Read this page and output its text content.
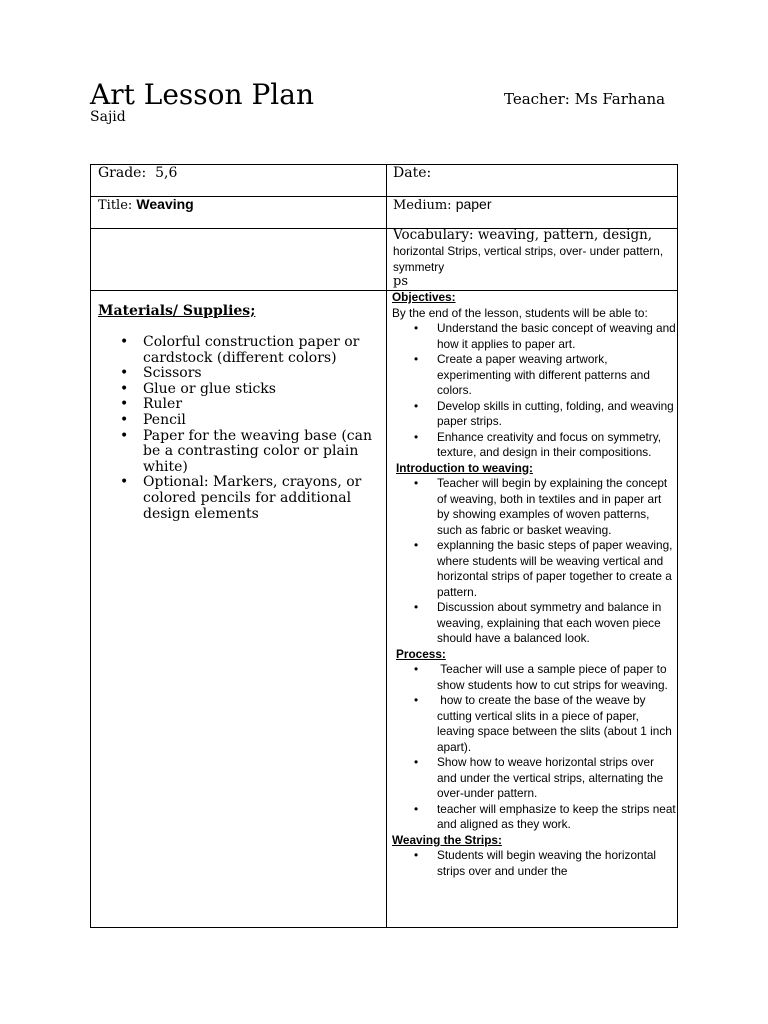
Art Lesson Plan	Teacher: Ms Farhana
Sajid
Grade:  5,6	Date:
Title: Weaving	Medium: paper
Vocabulary: weaving, pattern, design,
horizontal Strips, vertical strips, over- under pattern, symmetry
ps
Materials/ Supplies;
• Colorful construction paper or cardstock (different colors)
• Scissors
• Glue or glue sticks
• Ruler
• Pencil
• Paper for the weaving base (can be a contrasting color or plain white)
• Optional: Markers, crayons, or colored pencils for additional design elements
Objectives:
By the end of the lesson, students will be able to:
• Understand the basic concept of weaving and how it applies to paper art.
• Create a paper weaving artwork, experimenting with different patterns and colors.
• Develop skills in cutting, folding, and weaving paper strips.
• Enhance creativity and focus on symmetry, texture, and design in their compositions.
Introduction to weaving:
• Teacher will begin by explaining the concept of weaving, both in textiles and in paper art by showing examples of woven patterns, such as fabric or basket weaving.
• explanning the basic steps of paper weaving, where students will be weaving vertical and horizontal strips of paper together to create a pattern.
• Discussion about symmetry and balance in weaving, explaining that each woven piece should have a balanced look.
Process:
•  Teacher will use a sample piece of paper to show students how to cut strips for weaving.
•  how to create the base of the weave by cutting vertical slits in a piece of paper, leaving space between the slits (about 1 inch apart).
• Show how to weave horizontal strips over and under the vertical strips, alternating the over-under pattern.
• teacher will emphasize to keep the strips neat and aligned as they work.
Weaving the Strips:
• Students will begin weaving the horizontal strips over and under the
